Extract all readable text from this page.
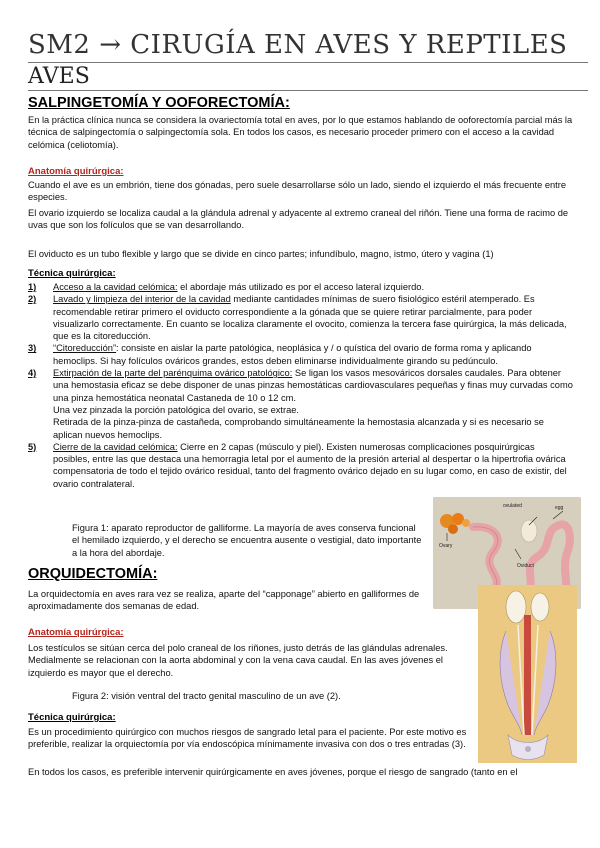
SM2 → CIRUGÍA EN AVES Y REPTILES
AVES
SALPINGETOMÍA Y OOFORECTOMÍA:
En la práctica clínica nunca se considera la ovariectomía total en aves, por lo que estamos hablando de ooforectomía parcial más la técnica de salpingectomía o salpingectomía sola. En todos los casos, es necesario proceder primero con el acceso a la cavidad celómica (celiotomía).
Anatomía quirúrgica:
Cuando el ave es un embrión, tiene dos gónadas, pero suele desarrollarse sólo un lado, siendo el izquierdo el más frecuente entre especies.
El ovario izquierdo se localiza caudal a la glándula adrenal y adyacente al extremo craneal del riñón. Tiene una forma de racimo de uvas que son los folículos que se van desarrollando.
El oviducto es un tubo flexible y largo que se divide en cinco partes; infundíbulo, magno, istmo, útero y vagina (1)
Técnica quirúrgica:
1)	Acceso a la cavidad celómica: el abordaje más utilizado es por el acceso lateral izquierdo.
2)	Lavado y limpieza del interior de la cavidad mediante cantidades mínimas de suero fisiológico estéril atemperado. Es recomendable retirar primero el oviducto correspondiente a la gónada que se quiere retirar parcialmente, para poder visualizarlo correctamente. En cuanto se localiza claramente el ovocito, comienza la tercera fase quirúrgica, la más delicada, que es la citoreducción.
3)	“Citoreducción”: consiste en aislar la parte patológica, neoplásica y / o quística del ovario de forma roma y aplicando hemoclips. Si hay folículos ováricos grandes, estos deben eliminarse individualmente girando su pedúnculo.
4)	Extirpación de la parte del parénquima ovárico patológico: Se ligan los vasos mesováricos dorsales caudales. Para obtener una hemostasia eficaz se debe disponer de unas pinzas hemostáticas cardiovasculares pequeñas y finas muy curvadas como una pinza hemostática neonatal Castaneda de 10 o 12 cm.
Una vez pinzada la porción patológica del ovario, se extrae.
Retirada de la pinza-pinza de castañeda, comprobando simultáneamente la hemostasia alcanzada y si es necesario se aplican nuevos hemoclips.
5)	Cierre de la cavidad celómica: Cierre en 2 capas (músculo y piel). Existen numerosas complicaciones posquirúrgicas posibles, entre las que destaca una hemorragia letal por el aumento de la presión arterial al despertar o la hipertrofia ovárica compensatoria de todo el tejido ovárico residual, tanto del fragmento ovárico dejado en su lugar como, en caso de existir, del ovario contralateral.
Figura 1: aparato reproductor de galliforme. La mayoría de aves conserva funcional el hemilado izquierdo, y el derecho se encuentra ausente o vestigial, dato importante a la hora del abordaje.
Ovary
Oviduct
ovulated	egg
ORQUIDECTOMÍA:
La orquidectomía en aves rara vez se realiza, aparte del “capponage” abierto en galliformes de aproximadamente dos semanas de edad.
Anatomía quirúrgica:
Los testículos se sitúan cerca del polo craneal de los riñones, justo detrás de las glándulas adrenales. Medialmente se relacionan con la aorta abdominal y con la vena cava caudal. En las aves jóvenes el izquierdo es mayor que el derecho.
Figura 2: visión ventral del tracto genital masculino de un ave (2).
Técnica quirúrgica:
Es un procedimiento quirúrgico con muchos riesgos de sangrado letal para el paciente. Por este motivo es preferible, realizar la orquiectomía por vía endoscópica mínimamente invasiva con dos o tres entradas (3).
En todos los casos, es preferible intervenir quirúrgicamente en aves jóvenes, porque el riesgo de sangrado (tanto en el
